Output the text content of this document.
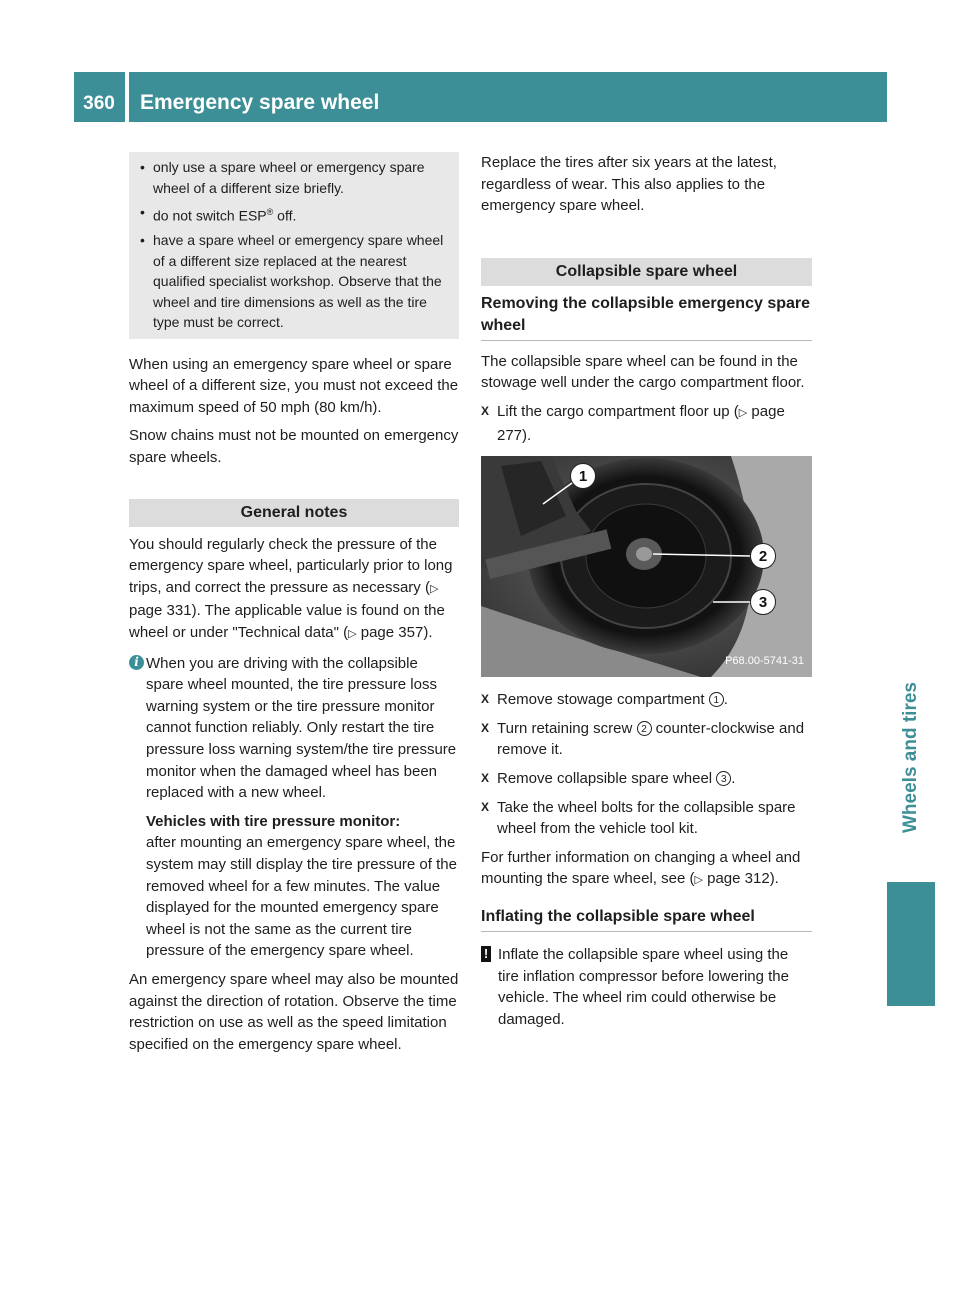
360	Emergency spare wheel
Wheels and tires
• only use a spare wheel or emergency spare wheel of a different size briefly.
• do not switch ESP® off.
• have a spare wheel or emergency spare wheel of a different size replaced at the nearest qualified specialist workshop. Observe that the wheel and tire dimensions as well as the tire type must be correct.

When using an emergency spare wheel or spare wheel of a different size, you must not exceed the maximum speed of 50 mph (80 km/h).

Snow chains must not be mounted on emergency spare wheels.

General notes

You should regularly check the pressure of the emergency spare wheel, particularly prior to long trips, and correct the pressure as necessary (▷ page 331). The applicable value is found on the wheel or under "Technical data" (▷ page 357).

i When you are driving with the collapsible spare wheel mounted, the tire pressure loss warning system or the tire pressure monitor cannot function reliably. Only restart the tire pressure loss warning system/the tire pressure monitor when the damaged wheel has been replaced with a new wheel.

Vehicles with tire pressure monitor:

after mounting an emergency spare wheel, the system may still display the tire pressure of the removed wheel for a few minutes. The value displayed for the mounted emergency spare wheel is not the same as the current tire pressure of the emergency spare wheel.

An emergency spare wheel may also be mounted against the direction of rotation. Observe the time restriction on use as well as the speed limitation specified on the emergency spare wheel.

Replace the tires after six years at the latest, regardless of wear. This also applies to the emergency spare wheel.

Collapsible spare wheel
Removing the collapsible emergency spare wheel

The collapsible spare wheel can be found in the stowage well under the cargo compartment floor.

X Lift the cargo compartment floor up (▷ page 277).
1
2
3
P68.00-5741-31
X Remove stowage compartment 1 .
X Turn retaining screw 2 counter-clockwise and remove it.
X Remove collapsible spare wheel 3 .
X Take the wheel bolts for the collapsible spare wheel from the vehicle tool kit.

For further information on changing a wheel and mounting the spare wheel, see (▷ page 312).

Inflating the collapsible spare wheel
! Inflate the collapsible spare wheel using the tire inflation compressor before lowering the vehicle. The wheel rim could otherwise be damaged.
